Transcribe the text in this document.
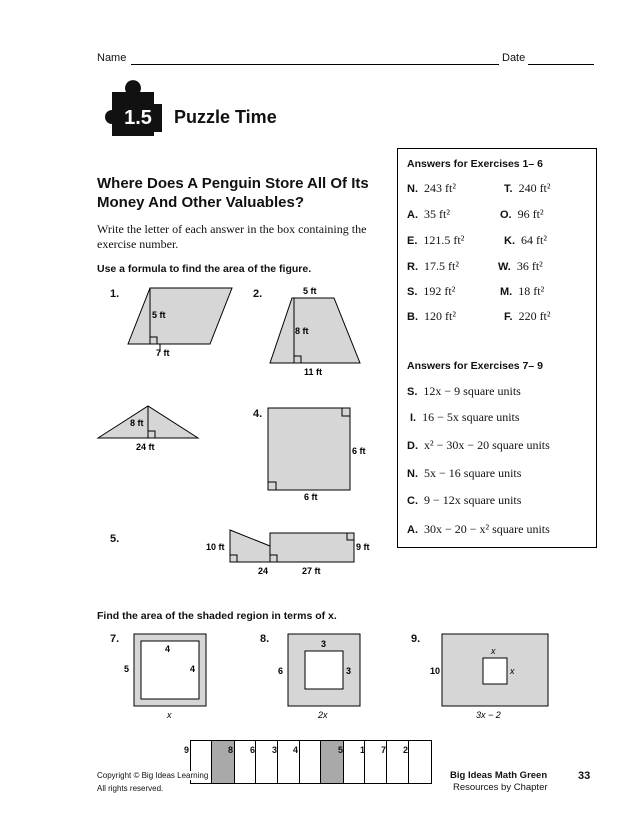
Name	Date
1.5	Puzzle Time
Where Does A Penguin Store All Of Its Money And Other Valuables?
Write the letter of each answer in the box containing the exercise number.
Use a formula to find the area of the figure.
1.	2.
4.
5.
5 ft
7 ft
5 ft
8 ft
11 ft
8 ft
24 ft	6 ft
6 ft
10 ft	9 ft
24	27 ft
Answers for Exercises 1– 6
N. 243 ft²	T. 240 ft²
A. 35 ft²	O. 96 ft²
E. 121.5 ft²	K. 64 ft²
R. 17.5 ft²	W. 36 ft²
S. 192 ft²	M. 18 ft²
B. 120 ft²	F. 220 ft²
Answers for Exercises 7– 9
S. 12x − 9 square units
I. 16 − 5x square units
D. x² − 30x − 20 square units
N. 5x − 16 square units
C. 9 − 12x square units
A. 30x − 20 − x² square units
Find the area of the shaded region in terms of x.
7.	8.	9.
4
4
5
x
3
6	3
2x
x
10	x
3x − 2
9	8 6 3 4	5 1 7 2
Copyright © Big Ideas Learning
All rights reserved.
Big Ideas Math Green
Resources by Chapter
33
